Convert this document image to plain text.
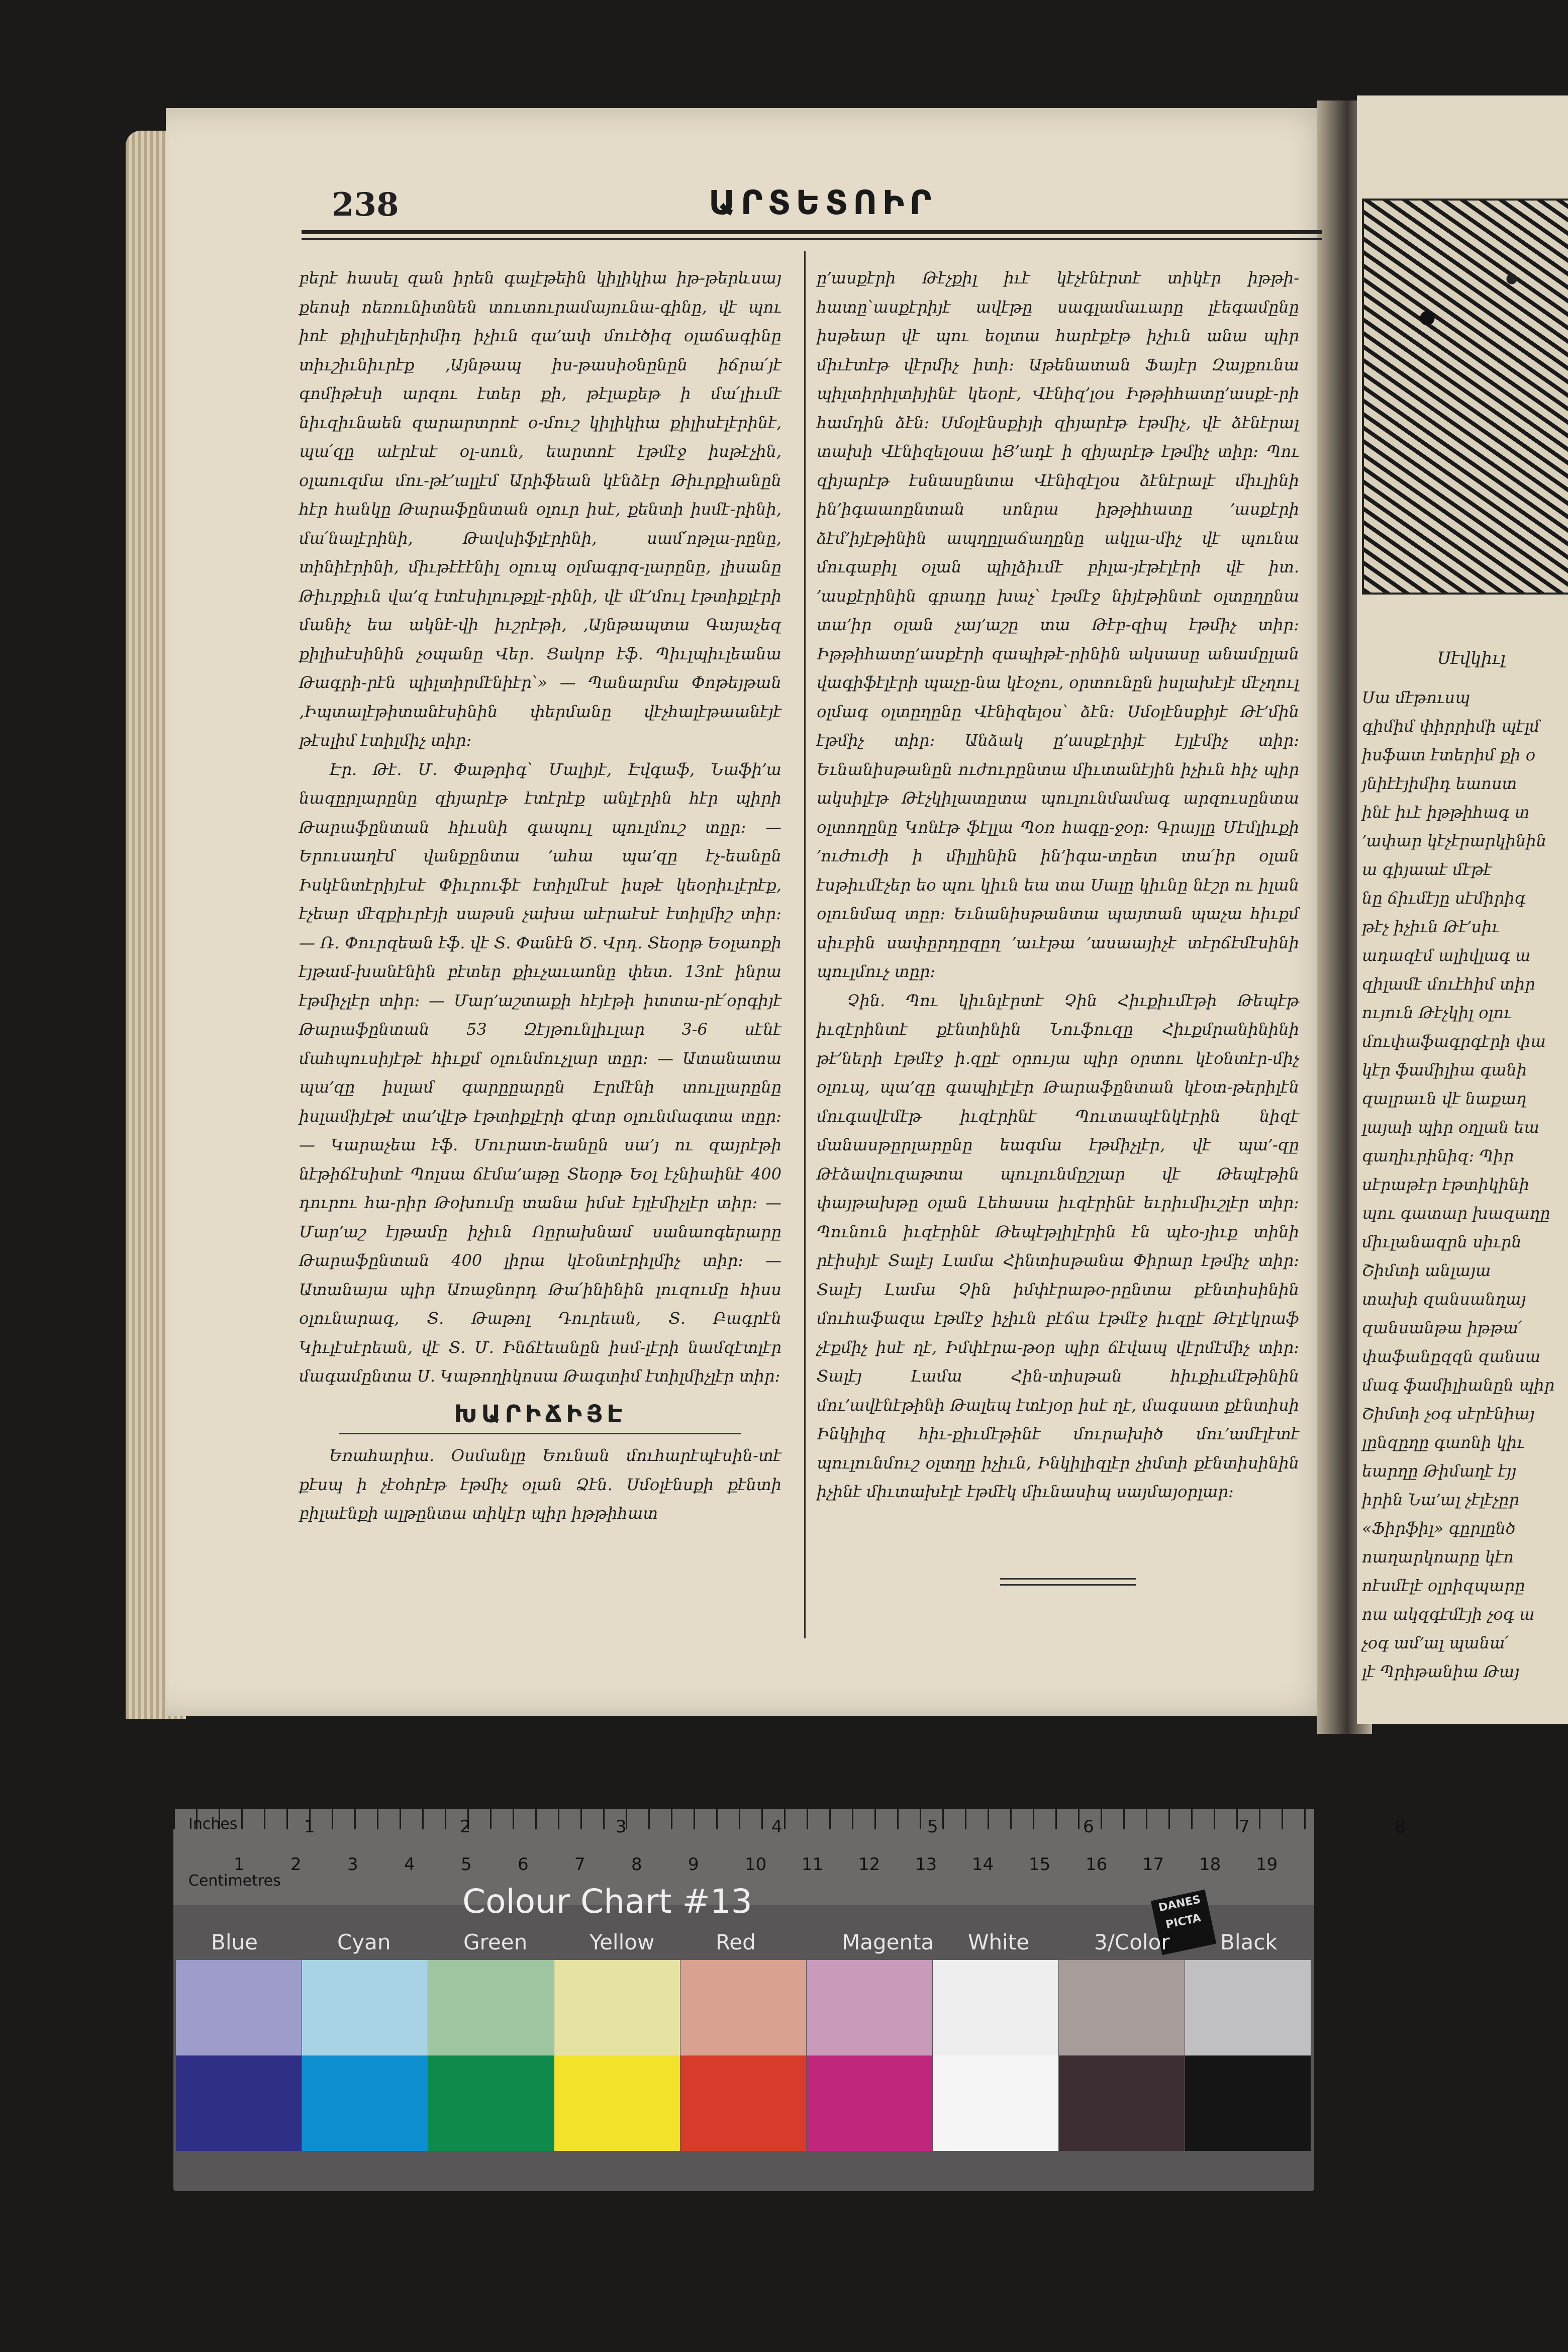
238	ԱՐՏԵՏՈԻՐ

բերէ հասել զան իրեն գալէթեին կիլիկիա իթ-թերևսայ քեոսի ոեռունիտնեն տուտուրամայունա-գինը, վէ պու իոէ քիլիսէլերիմիդ իչիւն զա՚ափ մուէծիզ օլաճագինը տիւշիւնիւրէք ‚Այնթապ իս-թասիօնընըն իճրա՛յէ գոմիթէսի արզու էտեր քի, թէլաքեթ ի մա՛լիւմէ նիւզիւնաեն զարարտրոէ օ-մուշ կիլիկիա քիլիսէլէրինէ, պա՛զը աէրէսէ օլ-սուն, եարտոէ էթմէջ իսթէչին, օլաուզմա մու-թէ՚ալլէմ Արիֆեան կէնձէր Թիւրքիանըն հէր հանկը Թարաֆընտան օլուր իսէ, քենտի իսմէ-րինի, մա՛նալէրինի, Թավսիֆլէրինի, սամ՛ոթլա-րընը, տինիէրինի, միւթէէէնիլ օլուպ օլմագրզ-լարընը, լիսանը Թիւրքիւն վա՚զ էտէսիլութքլէ-րինի, վէ մէ՚մուլ էթտիքլէրի մանիչ եա ակնէ-վի իւշրէթի, ‚Այնթապտա Գայաչեզ քիլիսէսինին չօպանը Վեր. Ցակոբ էֆ. Պիւլպիւլեանա Թագրի-րէն պիլտիրմէնիէր՝» — Պանարմա Փոթեյթան ‚Իպտալէթիտանէսինին փերմանը վէչհալէթաանէյէ թէսլիմ էտիլմիչ տիր։

Էր. Թէ. Մ. Փաթրիգ՝ Մալիյէ, Էվգաֆ, Նաֆի՚ա նազըրլարընը զիյարէթ էտէրէք անլէրին հէր պիրի Թարաֆընտան հիւսնի գապուլ պուլմուշ տըր։ — Երուսաղէմ վանքընտա ՚ահա պա՚զը էչ-եանըն Իսկէնտէրիյէսէ Փիւրուֆէ էտիլմէսէ իսթէ կեօրիւլէրէք, էչեար մէզքիւրէյի սաթսն չախա աէրաէսէ էտիլմիշ տիր։ — Ռ. Փուրզեան էֆ. վէ Տ. Փանէն Ծ. Վրդ. Տեօրթ Եօլաոքի էյթամ-խանէնին բէտեր քիւչաւաոնը փետ. 13ոէ ինրա էթմիչլէր տիր։ — Մար՚աշտաքի հէյէթի իտտա-րէ՛օրգիյէ Թարաֆընտան 53 Զէյթունլիւլար 3-6 սէնէ մահպուսիյէթէ հիւքմ օլունմուչլար տըր։ — Ատանատա պա՚զը իսլամ գարըըարըն Էրմէնի տուլլարընը իսլամիյէթէ տա՚վէթ էթտիքլէրի գէտր օլունմագտա տըր։ — Կարաչեա էֆ. Մուրատ-եանըն սա՚յ ու զայրէթի նէթիճէսիտէ Պոլսա ճէմա՚աթը Տեօրթ Եօլ էչնիաինէ 400 դուրու հա-րիր Թօխումը տանա իմսէ էյլէմիչլէր տիր։ — Մար՚աշ էյթամը իչիւն Ոըրախնամ սանաոգերարը Թարաֆընտան 400 լիրա կէօնտէրիլմիչ տիր։ — Ատանայա պիր Առաջնորդ Թա՛ինինին լուզումը հիսս օլունարագ, Տ. Թաթոլ Դուրեան, Տ. Բագրէն Կիւլէսէրեան, վէ Տ. Մ. Ինճէեանըն իսմ-լէրի նամզէտլէր մագամընտա Ս. Կաթողիկոսա Թագտիմ էտիլմիչլէր տիր։

ԽԱՐԻՃԻՅԷ

Եռահարիա. Օսմանլը Եռւնան մուհարէպէսին-տէ քէսպ ի չէօհրէթ էթմիչ օլան Ձէն. Սմօլէնսքի քէնտի բիլաէնքի ալթընտա տիկէր պիր իթթիհատ

ը՚ասքէրի Թէչքիլ իւէ կէչէնէրտէ տիկէր իթթի-հատը՝ասքէրիյէ ավէթը սագլամաւարը լէեգամընը իսթեար վէ պու եօլտա հարէքէթ իչիւն անա պիր միւէտէթ վէրմիչ իտի։ Աթենատան Ֆայէր Զայքունա պիլտիրիլտիյինէ կեօրէ, Վէնիզ՚լօս Իթթիհատը՚ասքէ-րի համդին ձէն։ Սմօլէնսքիյի զիյարէթ էթմիչ, վէ ձէնէրալ տախի Վէնիզելօսա իՅ՚ադէ ի զիյարէթ էթմիչ տիր։ Պու զիյարէթ էսնասընտա Վէնիզէլօս ձէնէրալէ միւլինի ին՚իգաաոընտան սոնրա իթթիհատը ՚ասքէրի ձէմ՚իյէթինին ապղըլաճաղընը ակլա-միչ վէ պունա մուգաբիլ օլան պիլձիւմէ բիլա-յէթէլէրի վէ իտ. ՚ասքէրինին գրադը խաչ՝ էթմէջ նիյէթինտէ օլտըղընա տա՚իր օլան չայ՚աշը տա Թէբ-զիպ էթմիչ տիր։ Իթթիհատը՚ասքէրի զապիթէ-րինին ակսասը անամըլան վագիֆէլէրի պաչը-նա կէօչու, օրտունըն իսլախէյէ մէչղուլ օլմագ օլտըղընը Վէնիզելօս՝ ձէն։ Սմօլէնսքիյէ Թէ՚մին էթմիչ տիր։ Անձակ ը՚ասքէրիյէ էյլէմիչ տիր։ Եւնանիսթանըն ուժուրընտա միւտանէյին իչիւն հիչ պիր ակսիլէթ Թէչկիլատըտա պուլունմամագ արզուսընտա օլտողընը Կոնէթ ֆէլլա Պօռ հագը-ջօր։ Գրայլը Մէմլիւքի ՚ուժուժի ի միլլինին ին՚իգա-տըետ տա՛իր օլան էսթիւմէչեր եօ պու կիւն եա տա Սալը կիւնը նէշր ու իլան օլունմազ տըր։ Եւնանիսթանտա պայտան պաչա հիւքմ սիւբին սափըրդըզըղ ՚աւէթա ՚ասաայիչէ տէրճէմէսինի պուլմուչ տըր։

Չին. Պու կիւնլէրտէ Չին Հիւքիւմէթի Թեպէթ իւզէրինտէ քէնտինին Նուֆուզը Հիւքմրանինինի թէ՚ների էթմէջ ի.զըէ օրույա պիր օրտու կէօնտէր-միչ օլուպ, պա՚զը գապիլէլէր Թարաֆընտան կէօտ-թերիլէն մուգավէմէթ իւզէրինէ Պուտապէնկէրին նիզէ մանասթըրլարընը եագմա էթմիչլէր, վէ պա՚-զը Թէձավուզաթտա պուլունմըշլար վէ Թեպէթին փայթախթը օլան Լեհասա իւզէրինէ եւրիւմիւշլէր տիր։ Պունուն իւզէրինէ Թեպէթլիլէրին էն պէօ-յիւք տինի րէիսիյէ Տալէյ Լամա Հինտիսթանա Փիրար էթմիչ տիր։ Տալէյ Լամա Չին իմփէրաթօ-րընտա քէնտիսինին մուհաֆազա էթմէջ իչիւն բէճա էթմէջ իւզըէ Թէլէկրաֆ չէքմիչ իսէ ղէ, Իմփէրա-թօր պիր ճէվապ վէրմէմիչ տիր։ Տալէյ Լամա Հին-տիսթան հիւքիւմէթինին մու՚ավէնէթինի Թալեպ էտէյօր իսէ ղէ, մագսատ քէնտիսի Ինկիլիզ հիւ-քիւմէթինէ մուրախիծ մու՚ամէլէտէ պուլունմուշ օլտղը իչիւն, Ինկիլիզլէր չիմտի քէնտիսինին իչինէ միւտախէլէ էթմէկ միւնասիպ սայմայօրլար։

Սէվկիւլ

Սա մէթուսպ

գիմիմ փիրրիմի պէլմ

իսֆատ էտերիմ քի օ

յնիէէյիմիդ եաոստ

ինէ իւէ իթթիհագ տ

՚ափար կէչէրարկինին

ա գիյաաէ մէթէ

նը ճիւմէյը սէմիրիգ

թէչ իչիւն Թէ՚սիւ

ադազէմ ալիվլագ ա

զիլամէ մուէհիմ տիր

ույուն Թէչկիլ օլու

մուփաֆագրգէրի փա

կէր ֆամիլիա գանի

զալրաւն վէ նաքաղ

լայաի պիր օղլան եա

գաղիւրինիզ։ Պիր

սէրաթէր էթտիկինի

պու գատար խազաղը

միւլանազրն սիւրն

Շիմտի անլայա

տախի զանսանղայ

զանսանթա իթթա՛

փաֆանըզզն զանսա

մագ ֆամիլիանըն պիր

Շիմտի չօգ սէրէնիայ

լընզըղը գաոնի կիւ

եարղը Թիմաղէ էյյ

իրին Նա՚ալ չէլէչըր

«Ֆիրֆիլ» գըրլընծ

ոաղարկոարը կէո

ոէսմէլէ օլրիզպարը

ոա ակզգէմէյի չօգ ա

չօգ ամ՚ալ պանա՛

լէ Պրիթանիա Թայ

Inches
Centimetres
1	2	3	4	5	6	7	8
1	2	3	4	5	6	7	8	9	10 11 12 13 14 15 16 17 18 19
Colour Chart #13	DANES PICTA
Blue	Cyan	Green	Yellow	Red	Magenta White	3/Color Black
